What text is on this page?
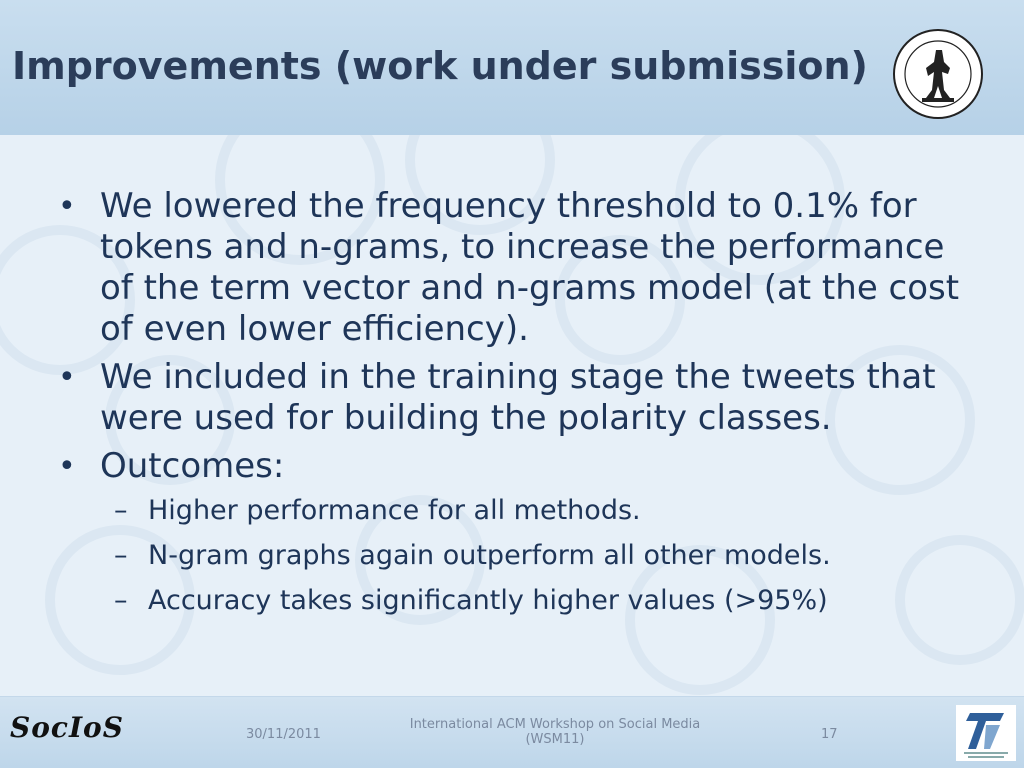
Improvements (work under submission)
• We lowered the frequency threshold to 0.1% for tokens and n-grams, to increase the performance of the term vector and n-grams model (at the cost of even lower efficiency).
• We included in the training stage the tweets that were used for building the polarity classes.
• Outcomes:
– Higher performance for all methods.
– N-gram graphs again outperform all other models.
– Accuracy takes significantly higher values (>95%)
SocIoS	30/11/2011
International ACM Workshop on Social Media (WSM11)	17
